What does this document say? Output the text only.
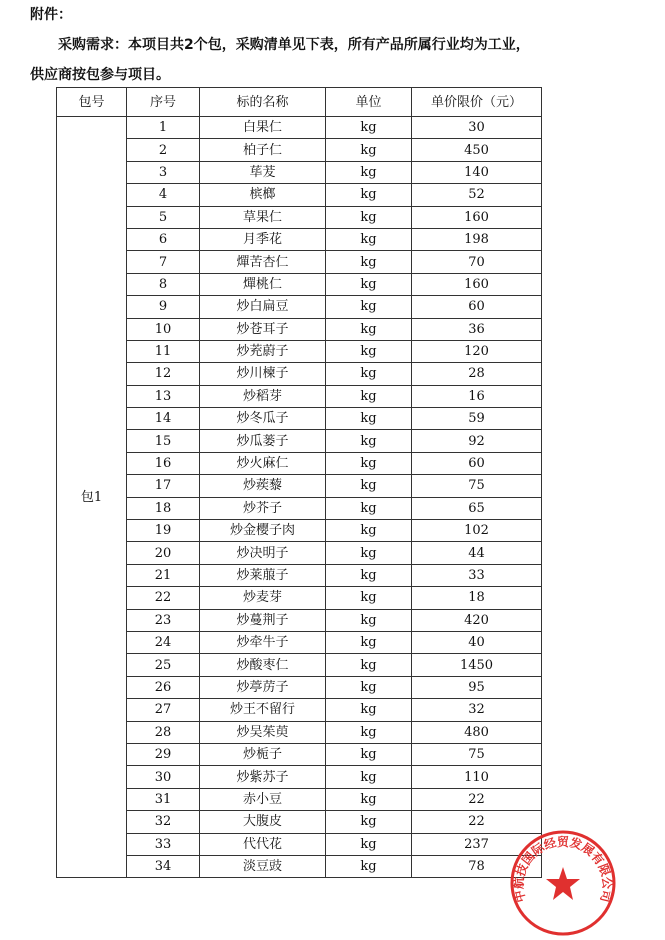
附件：
采购需求：本项目共2个包，采购清单见下表，所有产品所属行业均为工业，
供应商按包参与项目。
包号	序号	标的名称	单位	单价限价（元）
包1	1	白果仁	kg	30
	2	柏子仁	kg	450
	3	荜茇	kg	140
	4	槟榔	kg	52
	5	草果仁	kg	160
	6	月季花	kg	198
	7	燀苦杏仁	kg	70
	8	燀桃仁	kg	160
	9	炒白扁豆	kg	60
	10	炒苍耳子	kg	36
	11	炒茺蔚子	kg	120
	12	炒川楝子	kg	28
	13	炒稻芽	kg	16
	14	炒冬瓜子	kg	59
	15	炒瓜蒌子	kg	92
	16	炒火麻仁	kg	60
	17	炒蒺藜	kg	75
	18	炒芥子	kg	65
	19	炒金樱子肉	kg	102
	20	炒决明子	kg	44
	21	炒莱菔子	kg	33
	22	炒麦芽	kg	18
	23	炒蔓荆子	kg	420
	24	炒牵牛子	kg	40
	25	炒酸枣仁	kg	1450
	26	炒葶苈子	kg	95
	27	炒王不留行	kg	32
	28	炒吴茱萸	kg	480
	29	炒栀子	kg	75
	30	炒紫苏子	kg	110
	31	赤小豆	kg	22
	32	大腹皮	kg	22
	33	代代花	kg	237
	34	淡豆豉	kg	78
中航技国际经贸发展有限公司
